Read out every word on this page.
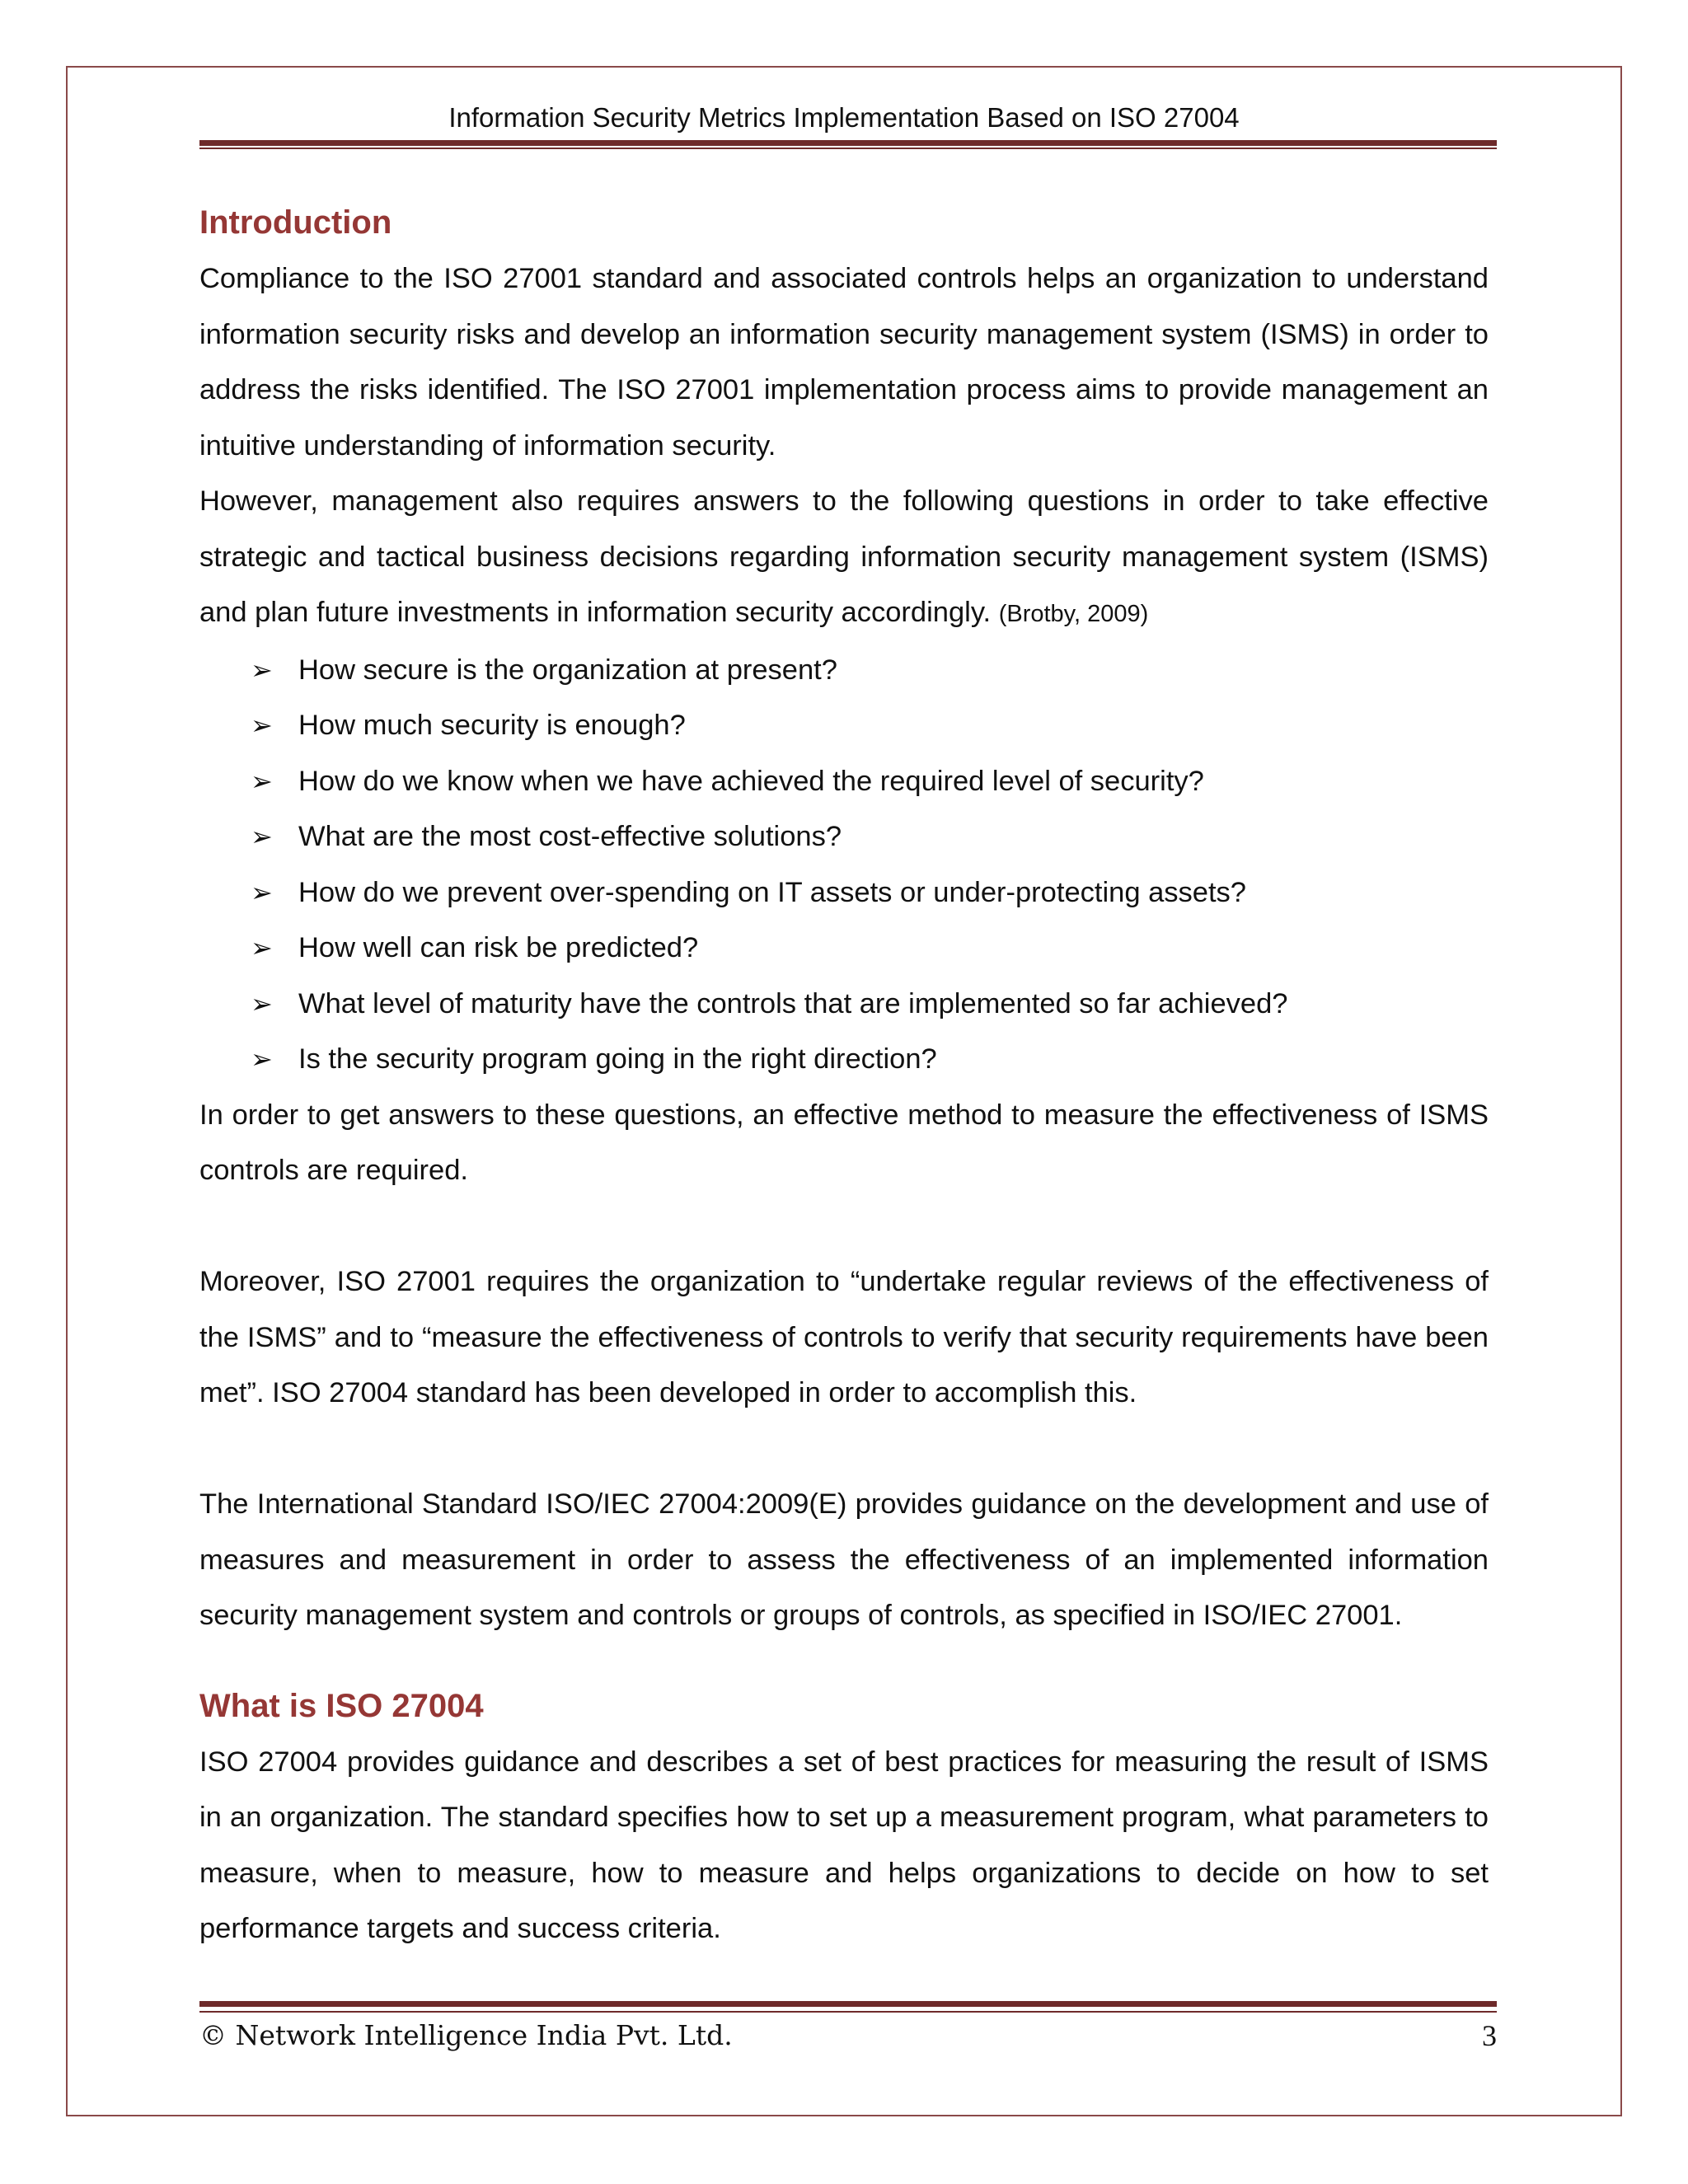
Information Security Metrics Implementation Based on ISO 27004
Introduction

Compliance to the ISO 27001 standard and associated controls helps an organization to understand information security risks and develop an information security management system (ISMS) in order to address the risks identified. The ISO 27001 implementation process aims to provide management an intuitive understanding of information security.

However, management also requires answers to the following questions in order to take effective strategic and tactical business decisions regarding information security management system (ISMS) and plan future investments in information security accordingly. (Brotby, 2009)

➢ How secure is the organization at present?
➢ How much security is enough?
➢ How do we know when we have achieved the required level of security?
➢ What are the most cost-effective solutions?
➢ How do we prevent over-spending on IT assets or under-protecting assets?
➢ How well can risk be predicted?
➢ What level of maturity have the controls that are implemented so far achieved?
➢ Is the security program going in the right direction?

In order to get answers to these questions, an effective method to measure the effectiveness of ISMS controls are required.

Moreover, ISO 27001 requires the organization to “undertake regular reviews of the effectiveness of the ISMS” and to “measure the effectiveness of controls to verify that security requirements have been met”. ISO 27004 standard has been developed in order to accomplish this.

The International Standard ISO/IEC 27004:2009(E) provides guidance on the development and use of measures and measurement in order to assess the effectiveness of an implemented information security management system and controls or groups of controls, as specified in ISO/IEC 27001.

What is ISO 27004

ISO 27004 provides guidance and describes a set of best practices for measuring the result of ISMS in an organization. The standard specifies how to set up a measurement program, what parameters to measure, when to measure, how to measure and helps organizations to decide on how to set performance targets and success criteria.

© Network Intelligence India Pvt. Ltd.	3
